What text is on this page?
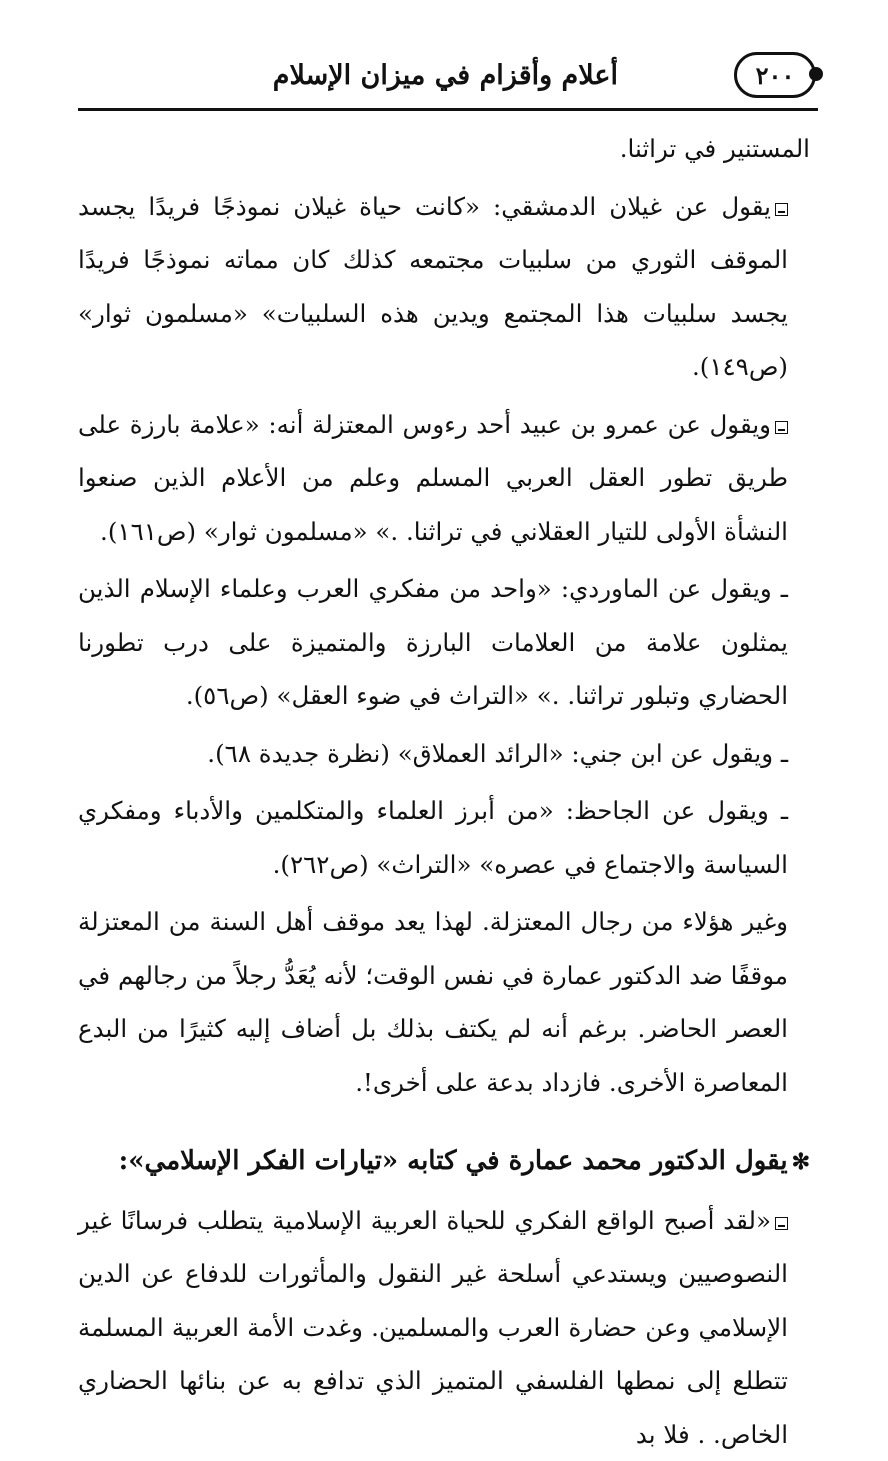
أعلام وأقزام في ميزان الإسلام	٢٠٠

المستنير في تراثنا.

يقول عن غيلان الدمشقي: «كانت حياة غيلان نموذجًا فريدًا يجسد الموقف الثوري من سلبيات مجتمعه كذلك كان مماته نموذجًا فريدًا يجسد سلبيات هذا المجتمع ويدين هذه السلبيات» «مسلمون ثوار» (ص١٤٩).

ويقول عن عمرو بن عبيد أحد رءوس المعتزلة أنه: «علامة بارزة على طريق تطور العقل العربي المسلم وعلم من الأعلام الذين صنعوا النشأة الأولى للتيار العقلاني في تراثنا. .» «مسلمون ثوار» (ص١٦١).

ـ ويقول عن الماوردي: «واحد من مفكري العرب وعلماء الإسلام الذين يمثلون علامة من العلامات البارزة والمتميزة على درب تطورنا الحضاري وتبلور تراثنا. .» «التراث في ضوء العقل» (ص٥٦).

ـ ويقول عن ابن جني: «الرائد العملاق» (نظرة جديدة ٦٨).

ـ ويقول عن الجاحظ: «من أبرز العلماء والمتكلمين والأدباء ومفكري السياسة والاجتماع في عصره» «التراث» (ص٢٦٢).

وغير هؤلاء من رجال المعتزلة. لهذا يعد موقف أهل السنة من المعتزلة موقفًا ضد الدكتور عمارة في نفس الوقت؛ لأنه يُعَدُّ رجلاً من رجالهم في العصر الحاضر. برغم أنه لم يكتف بذلك بل أضاف إليه كثيرًا من البدع المعاصرة الأخرى. فازداد بدعة على أخرى!.

✻يقول الدكتور محمد عمارة في كتابه «تيارات الفكر الإسلامي»:

«لقد أصبح الواقع الفكري للحياة العربية الإسلامية يتطلب فرسانًا غير النصوصيين ويستدعي أسلحة غير النقول والمأثورات للدفاع عن الدين الإسلامي وعن حضارة العرب والمسلمين. وغدت الأمة العربية المسلمة تتطلع إلى نمطها الفلسفي المتميز الذي تدافع به عن بنائها الحضاري الخاص. . فلا بد
